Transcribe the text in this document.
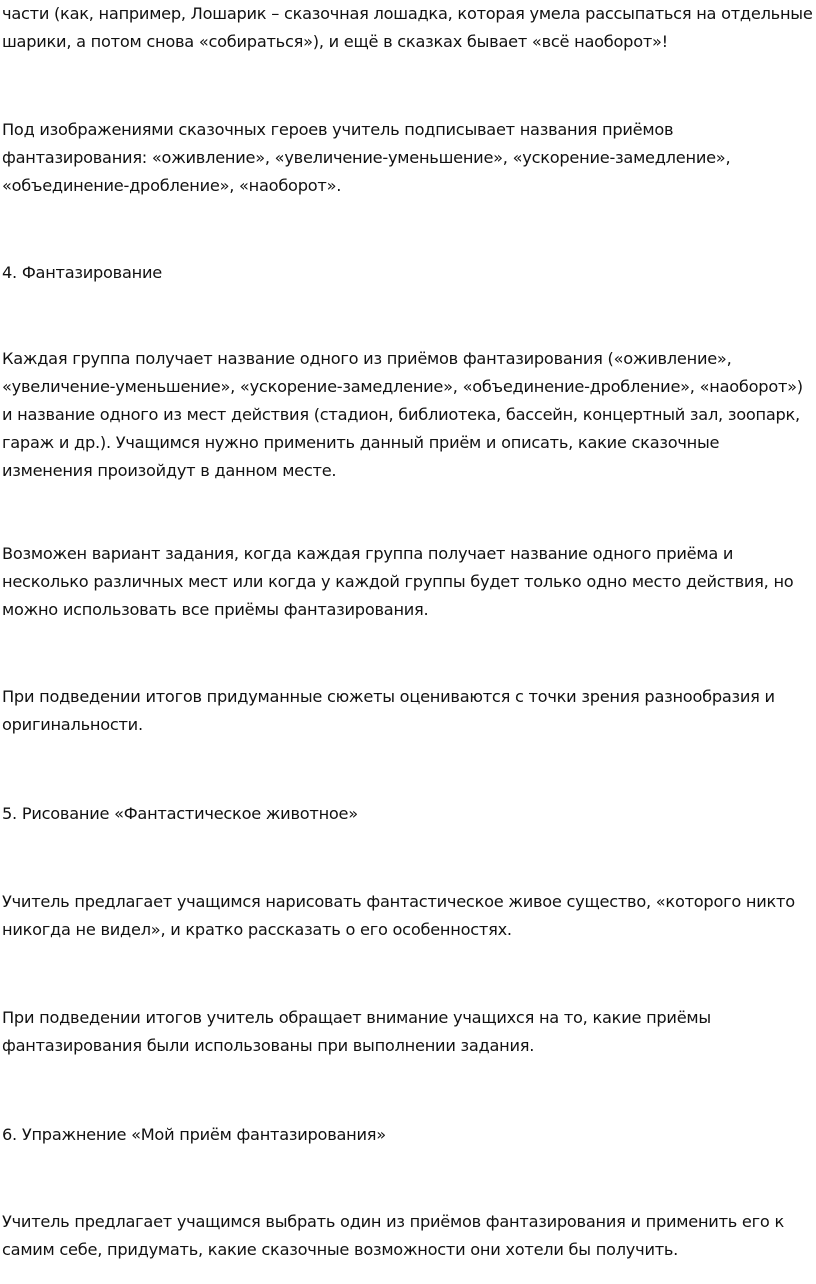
части (как, например, Лошарик – сказочная лошадка, которая умела рассыпаться на отдельные шарики, а потом снова «собираться»), и ещё в сказках бывает «всё наоборот»!

Под изображениями сказочных героев учитель подписывает названия приёмов фантазирования: «оживление», «увеличение-уменьшение», «ускорение-замедление», «объединение-дробление», «наоборот».

4. Фантазирование

Каждая группа получает название одного из приёмов фантазирования («оживление», «увеличение-уменьшение», «ускорение-замедление», «объединение-дробление», «наоборот») и название одного из мест действия (стадион, библиотека, бассейн, концертный зал, зоопарк, гараж и др.). Учащимся нужно применить данный приём и описать, какие сказочные изменения произойдут в данном месте.

Возможен вариант задания, когда каждая группа получает название одного приёма и несколько различных мест или когда у каждой группы будет только одно место действия, но можно использовать все приёмы фантазирования.

При подведении итогов придуманные сюжеты оцениваются с точки зрения разнообразия и оригинальности.

5. Рисование «Фантастическое животное»

Учитель предлагает учащимся нарисовать фантастическое живое существо, «которого никто никогда не видел», и кратко рассказать о его особенностях.

При подведении итогов учитель обращает внимание учащихся на то, какие приёмы фантазирования были использованы при выполнении задания.

6. Упражнение «Мой приём фантазирования»

Учитель предлагает учащимся выбрать один из приёмов фантазирования и применить его к самим себе, придумать, какие сказочные возможности они хотели бы получить.
